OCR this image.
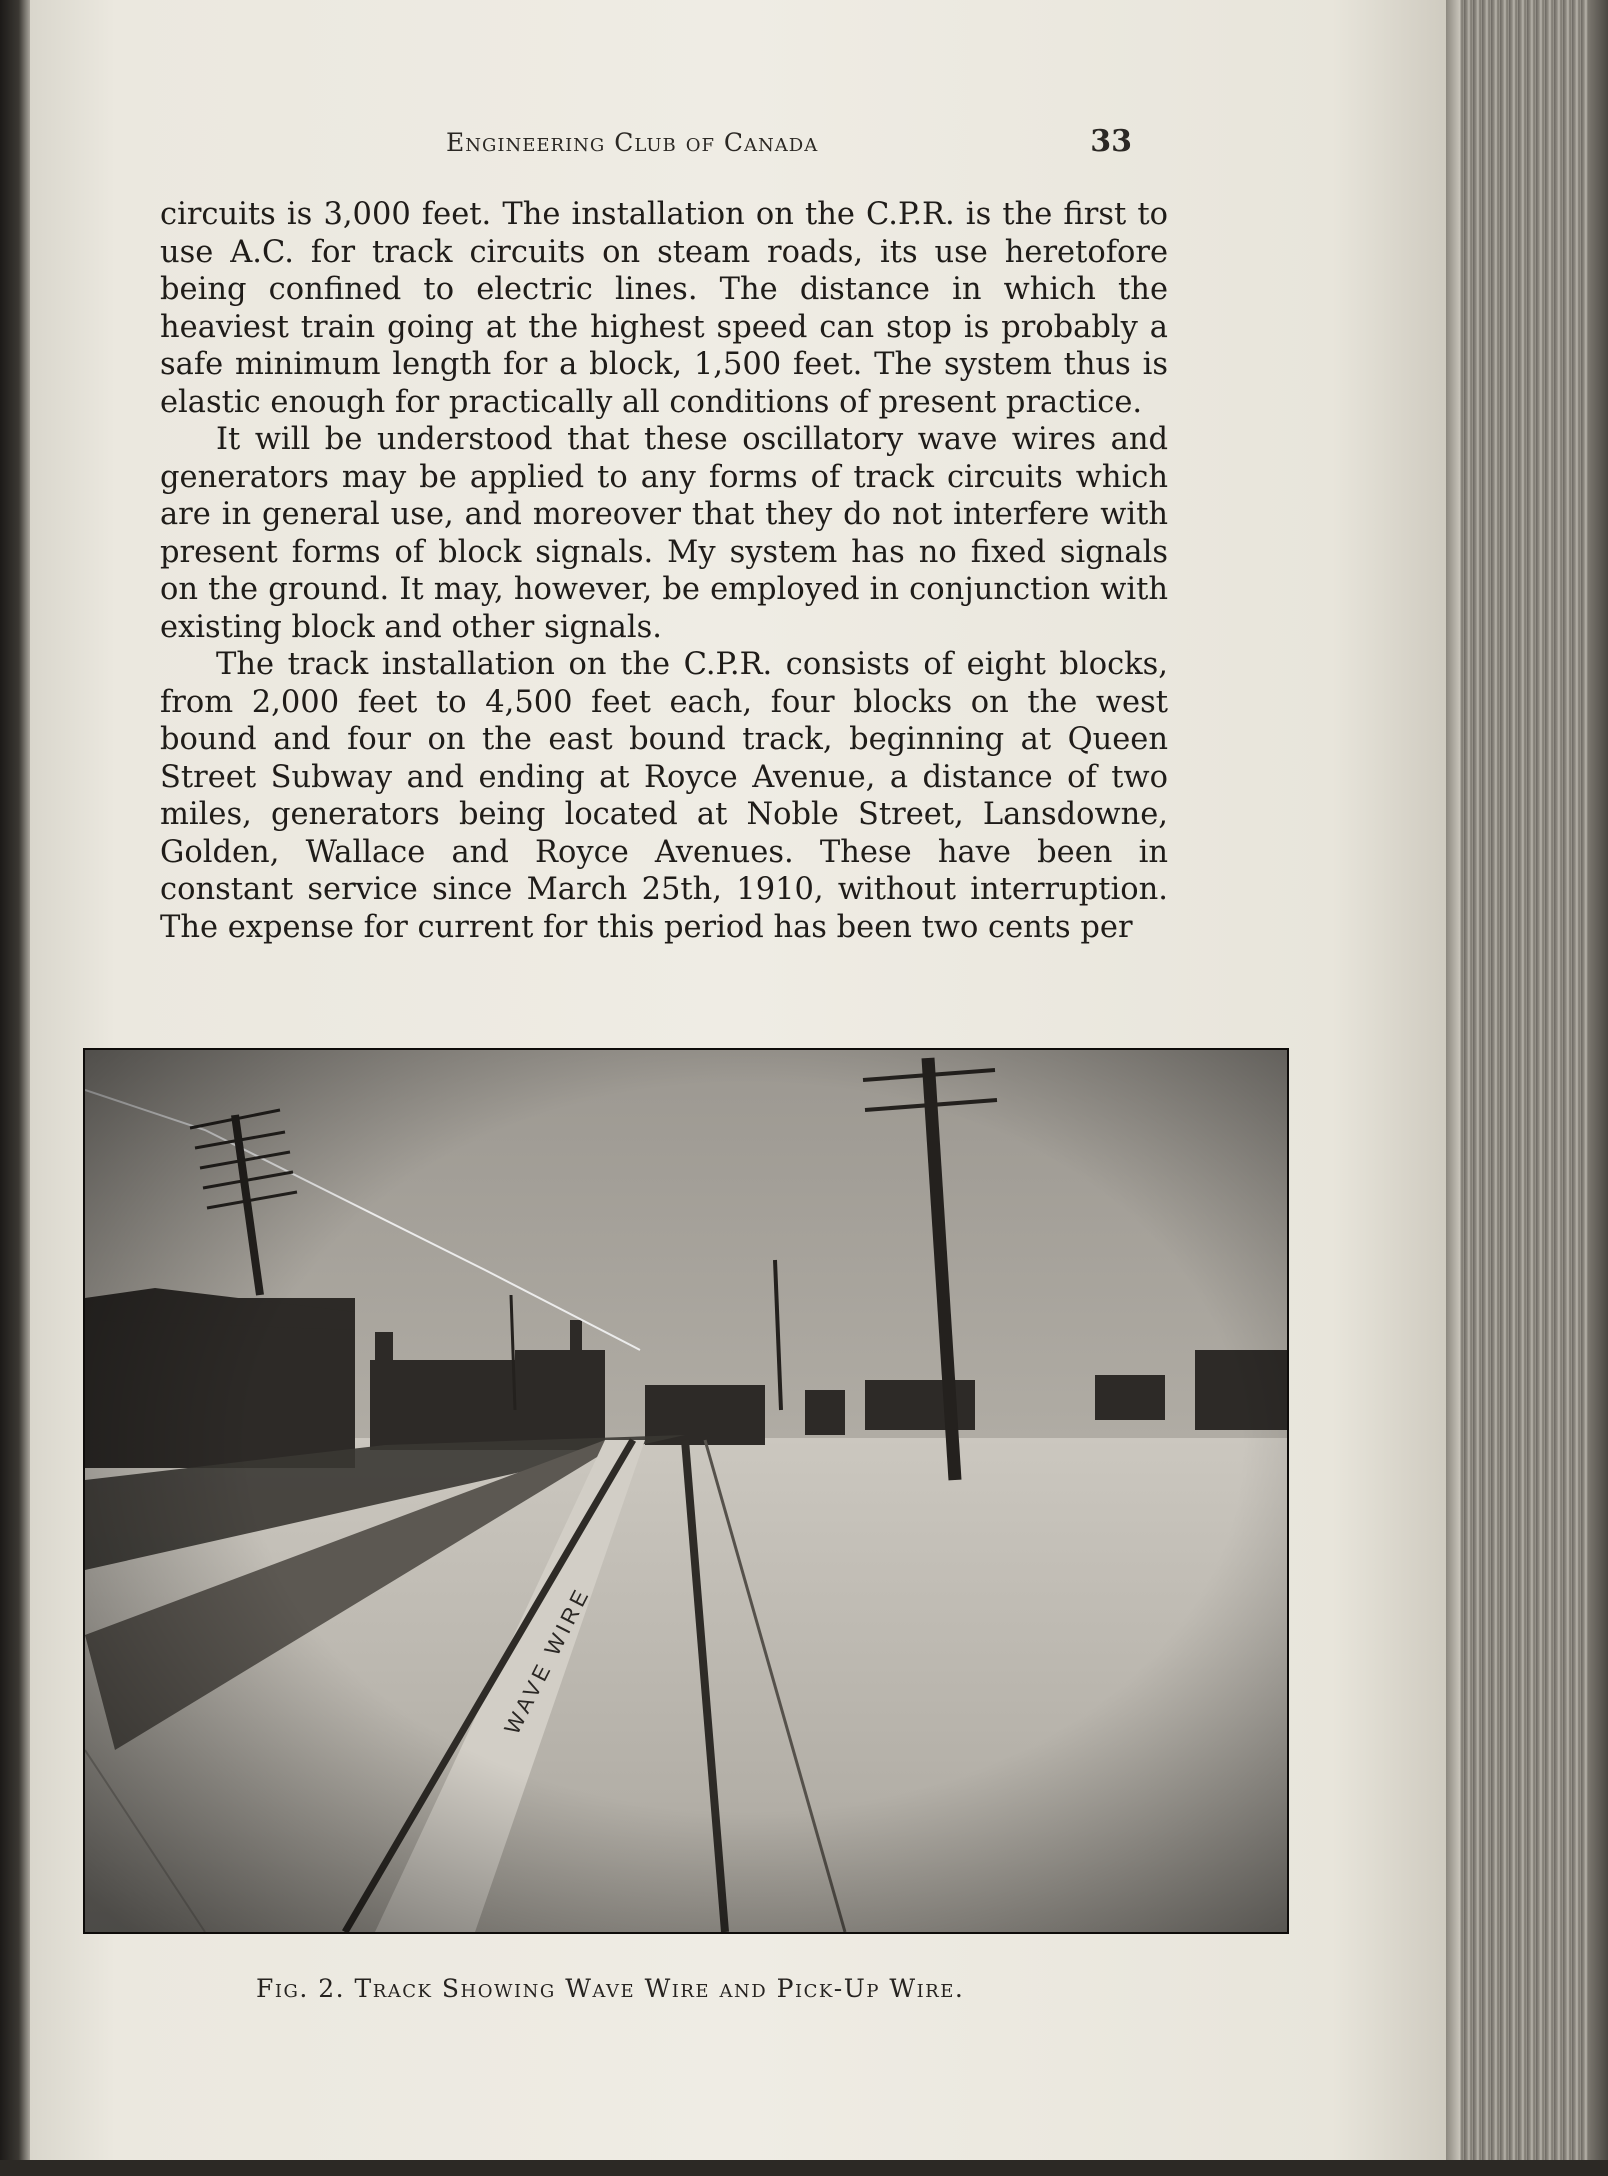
Engineering Club of Canada	33

circuits is 3,000 feet. The installation on the C.P.R. is the first to use A.C. for track circuits on steam roads, its use heretofore being confined to electric lines. The distance in which the heaviest train going at the highest speed can stop is probably a safe minimum length for a block, 1,500 feet. The system thus is elastic enough for practically all conditions of present practice.

It will be understood that these oscillatory wave wires and generators may be applied to any forms of track circuits which are in general use, and moreover that they do not interfere with present forms of block signals. My system has no fixed signals on the ground. It may, however, be employed in conjunction with existing block and other signals.

The track installation on the C.P.R. consists of eight blocks, from 2,000 feet to 4,500 feet each, four blocks on the west bound and four on the east bound track, beginning at Queen Street Subway and ending at Royce Avenue, a distance of two miles, generators being located at Noble Street, Lansdowne, Golden, Wallace and Royce Avenues. These have been in constant service since March 25th, 1910, without interruption. The expense for current for this period has been two cents per

Fig. 2. Track Showing Wave Wire and Pick-Up Wire.
